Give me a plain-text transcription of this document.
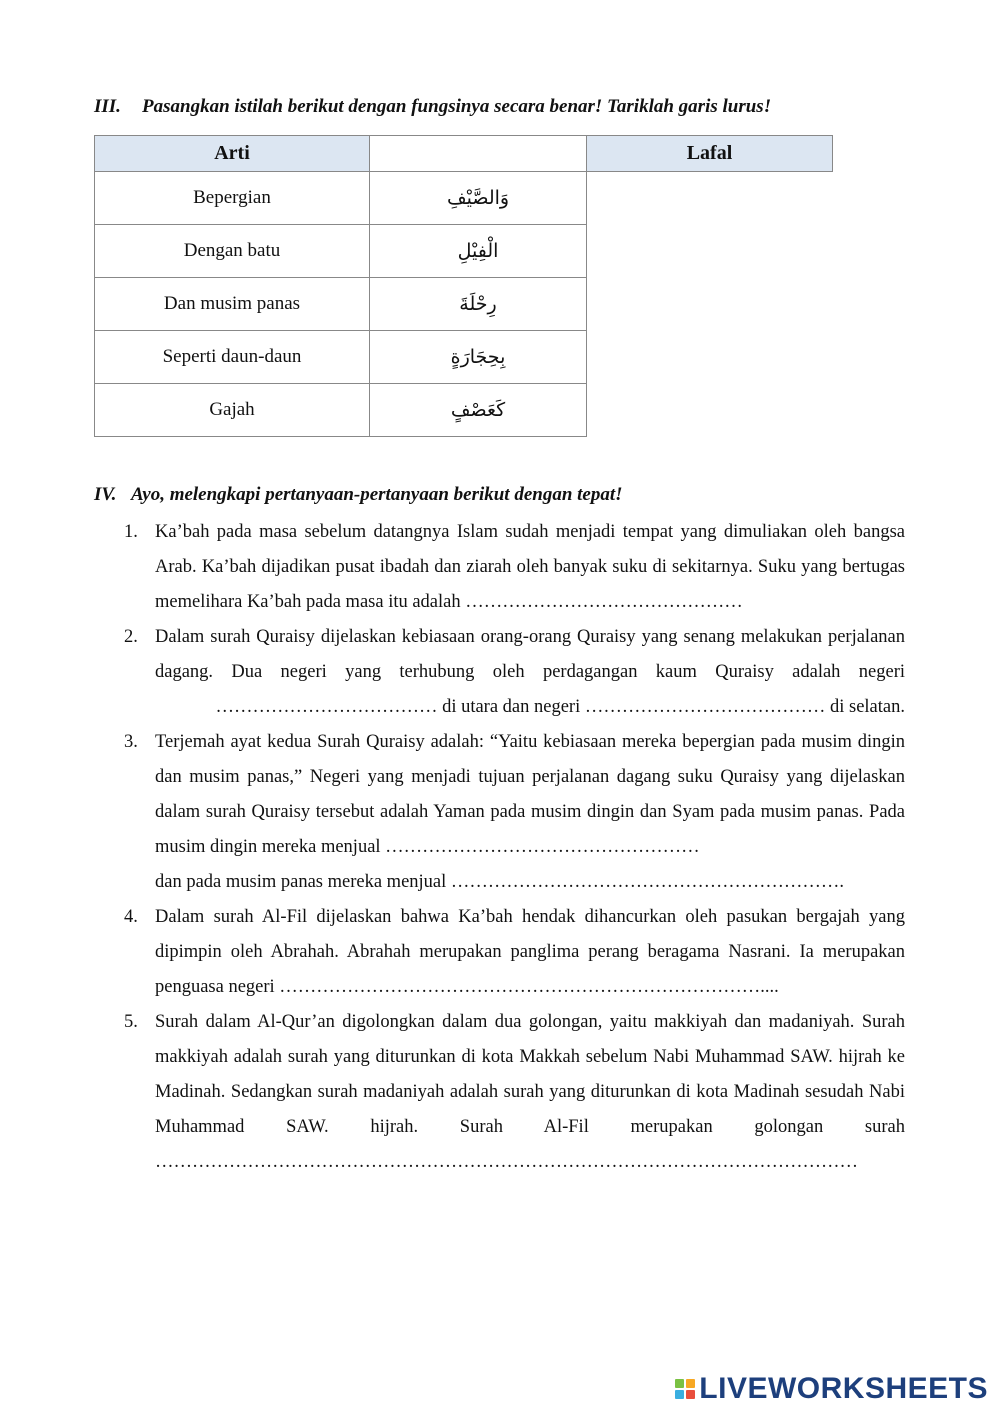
III. Pasangkan istilah berikut dengan fungsinya secara benar! Tariklah garis lurus!
Arti		Lafal
Bepergian	وَالصَّيْفِ	
Dengan batu	الْفِيْلِ	
Dan musim panas	رِحْلَةَ	
Seperti daun-daun	بِحِجَارَةٍ	
Gajah	كَعَصْفٍ	
IV. Ayo, melengkapi pertanyaan-pertanyaan berikut dengan tepat!
1. Ka’bah pada masa sebelum datangnya Islam sudah menjadi tempat yang dimuliakan oleh bangsa Arab. Ka’bah dijadikan pusat ibadah dan ziarah oleh banyak suku di sekitarnya. Suku yang bertugas memelihara Ka’bah pada masa itu adalah ………………………………………
2. Dalam surah Quraisy dijelaskan kebiasaan orang-orang Quraisy yang senang melakukan perjalanan dagang. Dua negeri yang terhubung oleh perdagangan kaum Quraisy adalah negeri
……………………………… di utara dan negeri ………………………………… di selatan.
3. Terjemah ayat kedua Surah Quraisy adalah: “Yaitu kebiasaan mereka bepergian pada musim dingin dan musim panas,” Negeri yang menjadi tujuan perjalanan dagang suku Quraisy yang dijelaskan dalam surah Quraisy tersebut adalah Yaman pada musim dingin dan Syam pada musim panas. Pada musim dingin mereka menjual ……………………………………………
dan pada musim panas mereka menjual ……………………………………………………….
4. Dalam surah Al-Fil dijelaskan bahwa Ka’bah hendak dihancurkan oleh pasukan bergajah yang dipimpin oleh Abrahah. Abrahah merupakan panglima perang beragama Nasrani. Ia merupakan penguasa negeri ……………………………………………………………………....
5. Surah dalam Al-Qur’an digolongkan dalam dua golongan, yaitu makkiyah dan madaniyah. Surah makkiyah adalah surah yang diturunkan di kota Makkah sebelum Nabi Muhammad SAW. hijrah ke Madinah. Sedangkan surah madaniyah adalah surah yang diturunkan di kota Madinah sesudah Nabi Muhammad SAW. hijrah. Surah Al-Fil merupakan golongan surah
……………………………………………………………………………………………………
LIVEWORKSHEETS
